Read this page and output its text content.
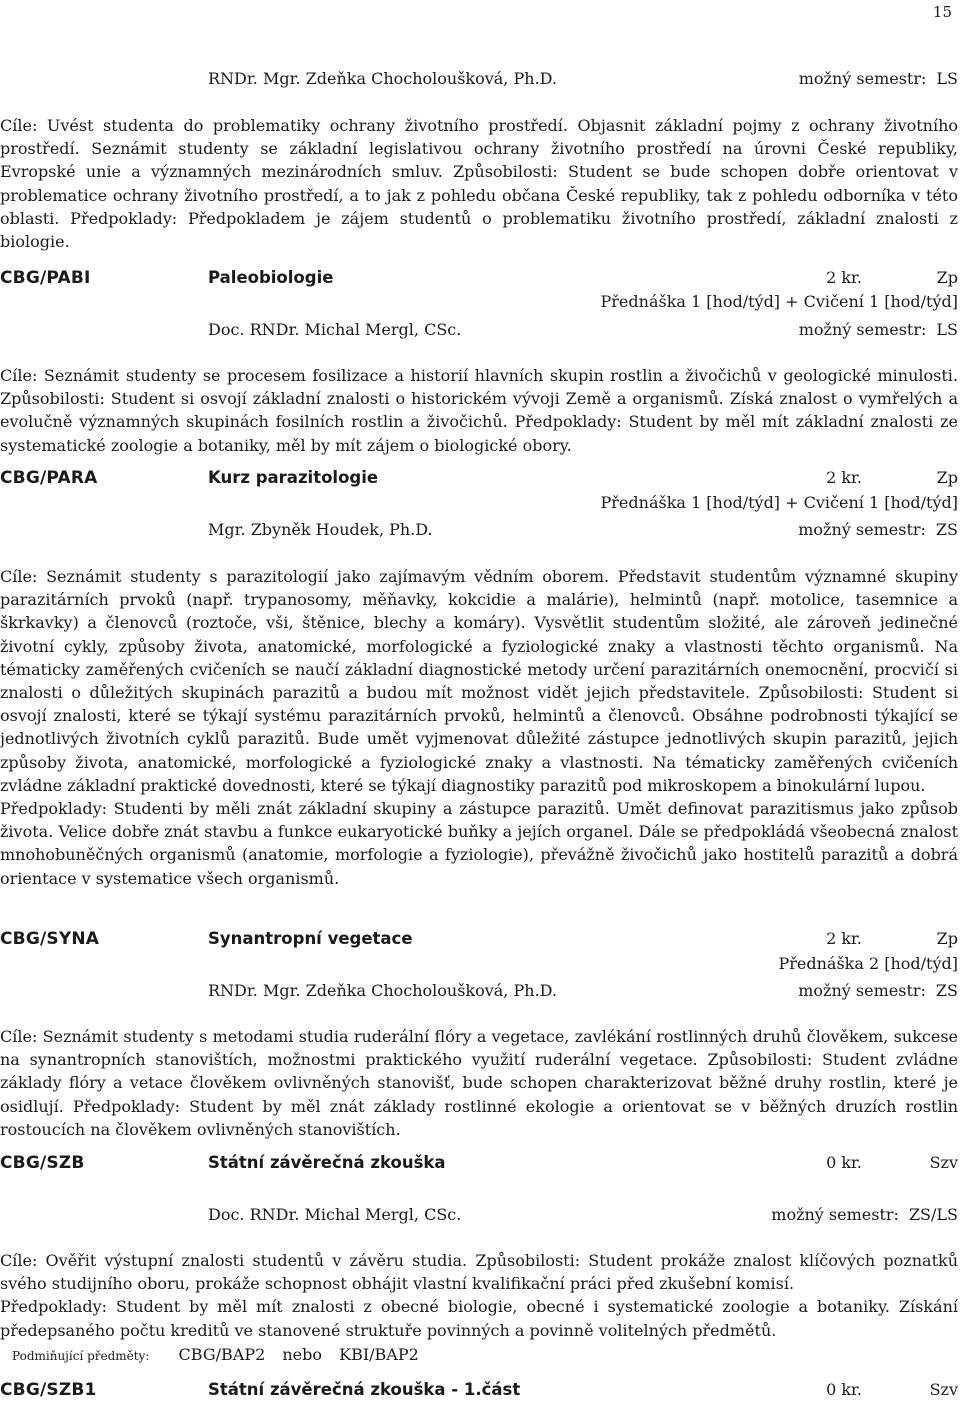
15
RNDr. Mgr. Zdeňka Chocholoušková, Ph.D.	možný semestr: LS
Cíle: Uvést studenta do problematiky ochrany životního prostředí. Objasnit základní pojmy z ochrany životního prostředí. Seznámit studenty se základní legislativou ochrany životního prostředí na úrovni České republiky, Evropské unie a významných mezinárodních smluv. Způsobilosti: Student se bude schopen dobře orientovat v problematice ochrany životního prostředí, a to jak z pohledu občana České republiky, tak z pohledu odborníka v této oblasti. Předpoklady: Předpokladem je zájem studentů o problematiku životního prostředí, základní znalosti z biologie.
CBG/PABI	Paleobiologie	2 kr.	Zp
Přednáška 1 [hod/týd] + Cvičení 1 [hod/týd]
Doc. RNDr. Michal Mergl, CSc.	možný semestr: LS
Cíle: Seznámit studenty se procesem fosilizace a historií hlavních skupin rostlin a živočichů v geologické minulosti. Způsobilosti: Student si osvojí základní znalosti o historickém vývoji Země a organismů. Získá znalost o vymřelých a evolučně významných skupinách fosilních rostlin a živočichů. Předpoklady: Student by měl mít základní znalosti ze systematické zoologie a botaniky, měl by mít zájem o biologické obory.
CBG/PARA	Kurz parazitologie	2 kr.	Zp
Přednáška 1 [hod/týd] + Cvičení 1 [hod/týd]
Mgr. Zbyněk Houdek, Ph.D.	možný semestr: ZS
Cíle: Seznámit studenty s parazitologií jako zajímavým vědním oborem. Představit studentům významné skupiny parazitárních prvoků (např. trypanosomy, měňavky, kokcidie a malárie), helmintů (např. motolice, tasemnice a škrkavky) a členovců (roztoče, vši, štěnice, blechy a komáry). Vysvětlit studentům složité, ale zároveň jedinečné životní cykly, způsoby života, anatomické, morfologické a fyziologické znaky a vlastnosti těchto organismů. Na tématicky zaměřených cvičeních se naučí základní diagnostické metody určení parazitárních onemocnění, procvičí si znalosti o důležitých skupinách parazitů a budou mít možnost vidět jejich představitele. Způsobilosti: Student si osvojí znalosti, které se týkají systému parazitárních prvoků, helmintů a členovců. Obsáhne podrobnosti týkající se jednotlivých životních cyklů parazitů. Bude umět vyjmenovat důležité zástupce jednotlivých skupin parazitů, jejich způsoby života, anatomické, morfologické a fyziologické znaky a vlastnosti. Na tématicky zaměřených cvičeních zvládne základní praktické dovednosti, které se týkají diagnostiky parazitů pod mikroskopem a binokulární lupou.
Předpoklady: Studenti by měli znát základní skupiny a zástupce parazitů. Umět definovat parazitismus jako způsob života. Velice dobře znát stavbu a funkce eukaryotické buňky a jejích organel. Dále se předpokládá všeobecná znalost mnohobuněčných organismů (anatomie, morfologie a fyziologie), převážně živočichů jako hostitelů parazitů a dobrá orientace v systematice všech organismů.
CBG/SYNA	Synantropní vegetace	2 kr.	Zp
Přednáška 2 [hod/týd]
RNDr. Mgr. Zdeňka Chocholoušková, Ph.D.	možný semestr: ZS
Cíle: Seznámit studenty s metodami studia ruderální flóry a vegetace, zavlékání rostlinných druhů člověkem, sukcese na synantropních stanovištích, možnostmi praktického využití ruderální vegetace. Způsobilosti: Student zvládne základy flóry a vetace člověkem ovlivněných stanovišť, bude schopen charakterizovat běžné druhy rostlin, které je osidlují. Předpoklady: Student by měl znát základy rostlinné ekologie a orientovat se v běžných druzích rostlin rostoucích na člověkem ovlivněných stanovištích.
CBG/SZB	Státní závěrečná zkouška	0 kr.	Szv
Doc. RNDr. Michal Mergl, CSc.	možný semestr: ZS/LS
Cíle: Ověřit výstupní znalosti studentů v závěru studia. Způsobilosti: Student prokáže znalost klíčových poznatků svého studijního oboru, prokáže schopnost obhájit vlastní kvalifikační práci před zkušební komisí.
Předpoklady: Student by měl mít znalosti z obecné biologie, obecné i systematické zoologie a botaniky. Získání předepsaného počtu kreditů ve stanovené struktuře povinných a povinně volitelných předmětů.
Podmiňující předměty: CBG/BAP2 nebo KBI/BAP2
CBG/SZB1	Státní závěrečná zkouška - 1.část	0 kr.	Szv
